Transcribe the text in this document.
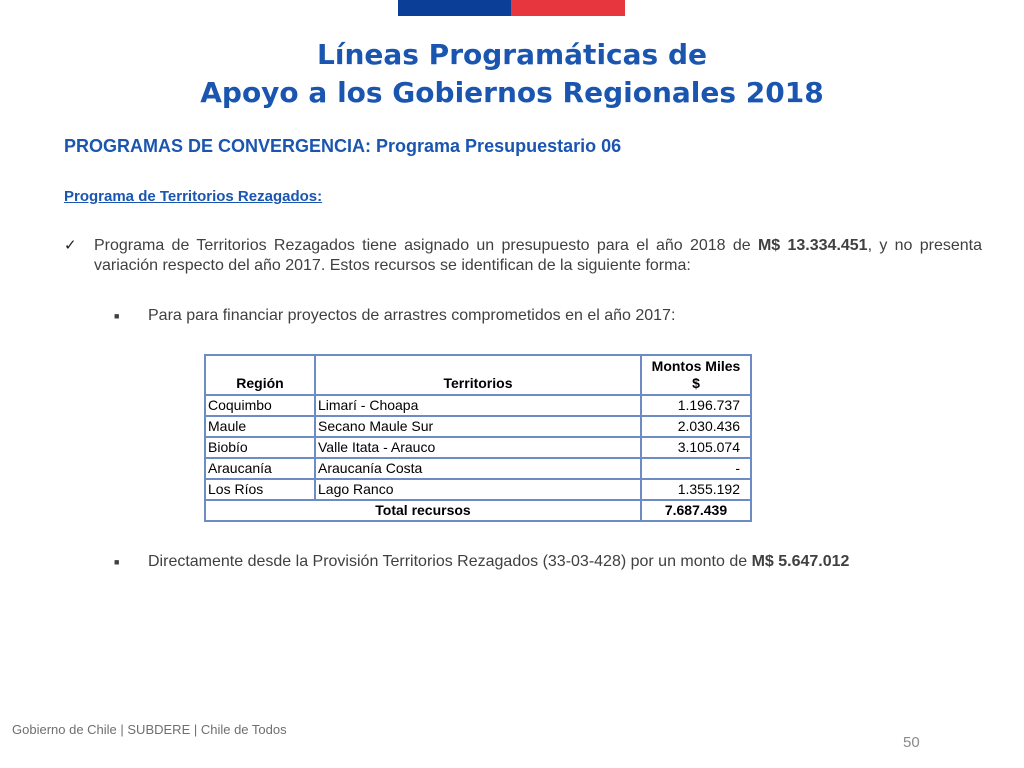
Líneas Programáticas de
Apoyo a los Gobiernos Regionales 2018
PROGRAMAS DE CONVERGENCIA: Programa Presupuestario 06
Programa de Territorios Rezagados:
✓	Programa de Territorios Rezagados tiene asignado un presupuesto para el año 2018 de M$ 13.334.451, y no presenta variación respecto del año 2017. Estos recursos se identifican de la siguiente forma:
■	Para para financiar proyectos de arrastres comprometidos en el año 2017:
Región	Territorios	Montos Miles
$

Coquimbo	Limarí - Choapa	1.196.737
Maule	Secano Maule Sur	2.030.436
Biobío	Valle Itata - Arauco	3.105.074
Araucanía	Araucanía Costa	-
Los Ríos	Lago Ranco	1.355.192
Total recursos		7.687.439
■	Directamente desde la Provisión Territorios Rezagados (33-03-428) por un monto de M$ 5.647.012
Gobierno de Chile | SUBDERE | Chile de Todos
50
